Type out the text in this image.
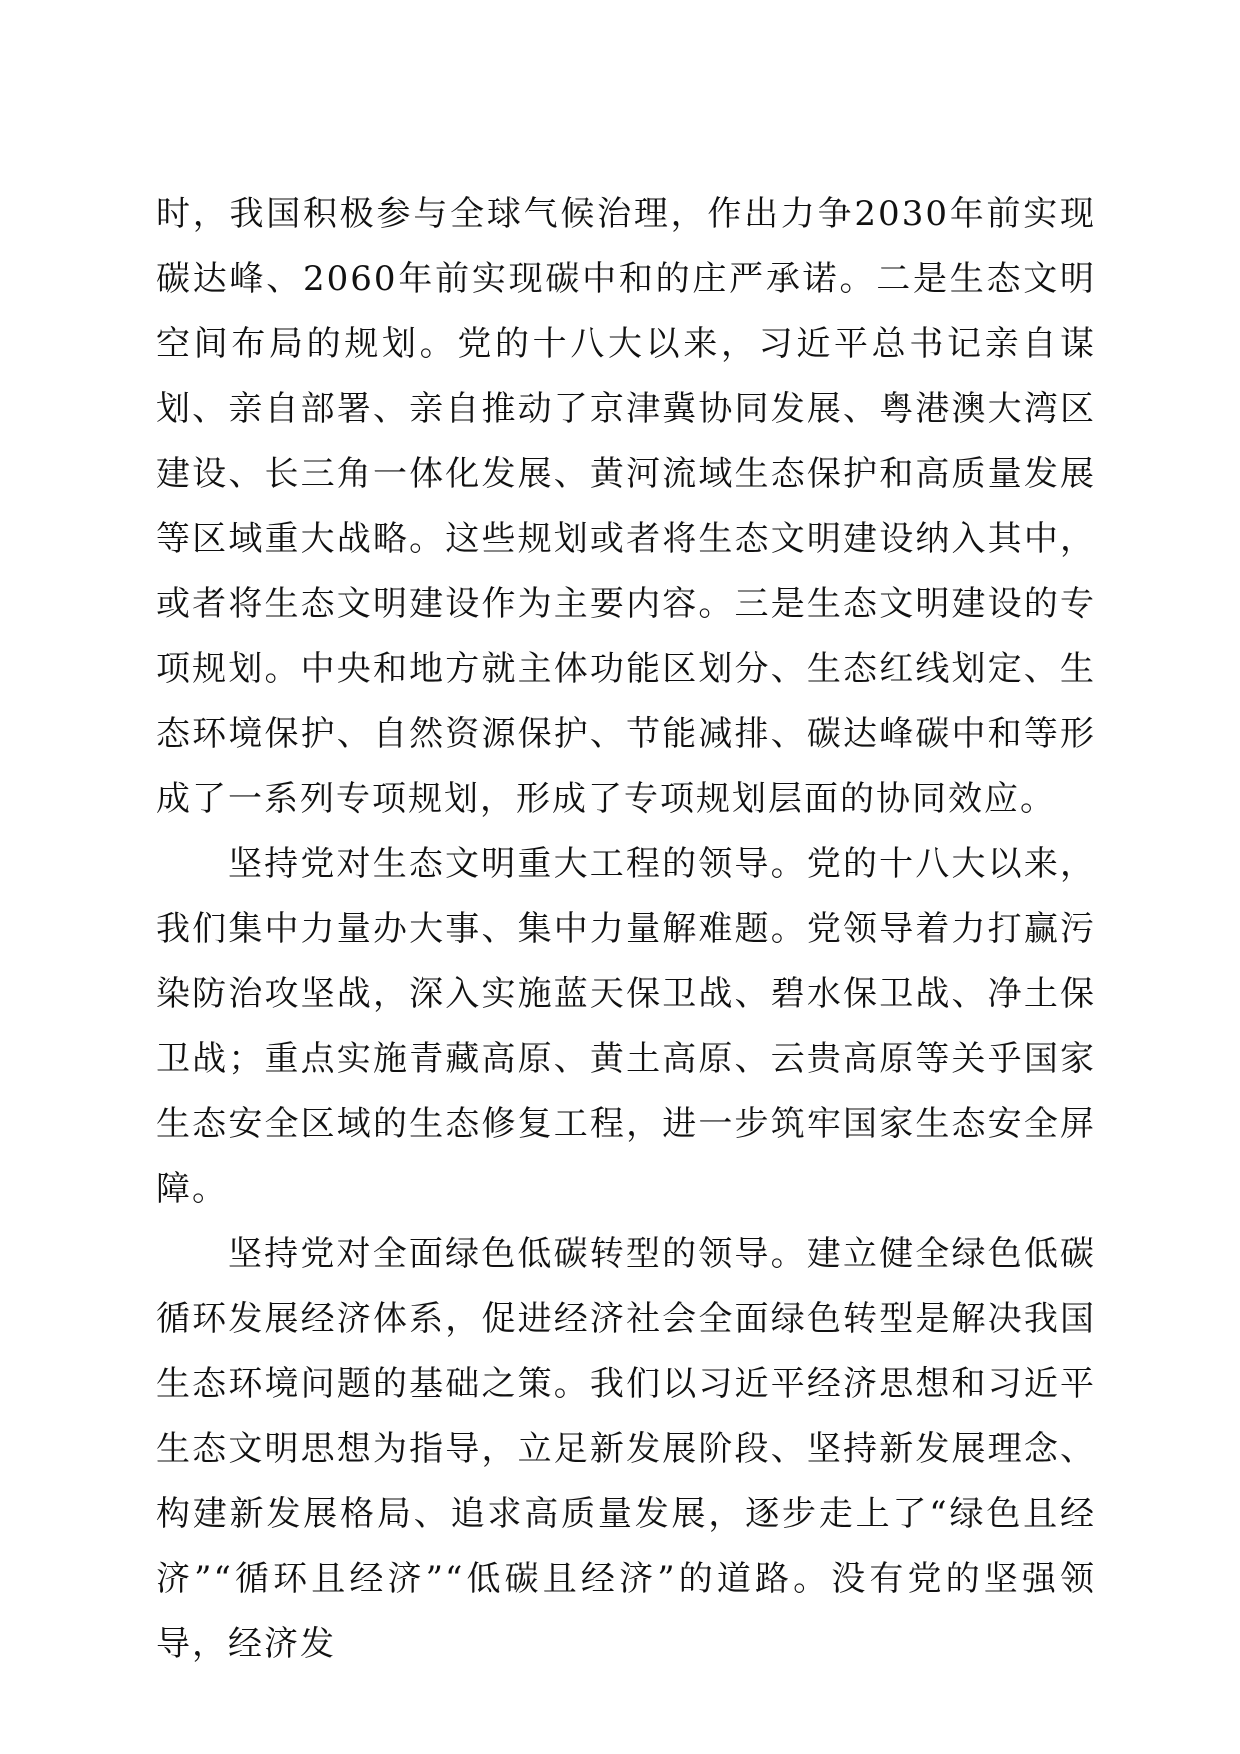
时，我国积极参与全球气候治理，作出力争2030年前实现碳达峰、2060年前实现碳中和的庄严承诺。二是生态文明空间布局的规划。党的十八大以来，习近平总书记亲自谋划、亲自部署、亲自推动了京津冀协同发展、粤港澳大湾区建设、长三角一体化发展、黄河流域生态保护和高质量发展等区域重大战略。这些规划或者将生态文明建设纳入其中，或者将生态文明建设作为主要内容。三是生态文明建设的专项规划。中央和地方就主体功能区划分、生态红线划定、生态环境保护、自然资源保护、节能减排、碳达峰碳中和等形成了一系列专项规划，形成了专项规划层面的协同效应。

坚持党对生态文明重大工程的领导。党的十八大以来，我们集中力量办大事、集中力量解难题。党领导着力打赢污染防治攻坚战，深入实施蓝天保卫战、碧水保卫战、净土保卫战；重点实施青藏高原、黄土高原、云贵高原等关乎国家生态安全区域的生态修复工程，进一步筑牢国家生态安全屏障。

坚持党对全面绿色低碳转型的领导。建立健全绿色低碳循环发展经济体系，促进经济社会全面绿色转型是解决我国生态环境问题的基础之策。我们以习近平经济思想和习近平生态文明思想为指导，立足新发展阶段、坚持新发展理念、构建新发展格局、追求高质量发展，逐步走上了“绿色且经济”“循环且经济”“低碳且经济”的道路。没有党的坚强领导，经济发
